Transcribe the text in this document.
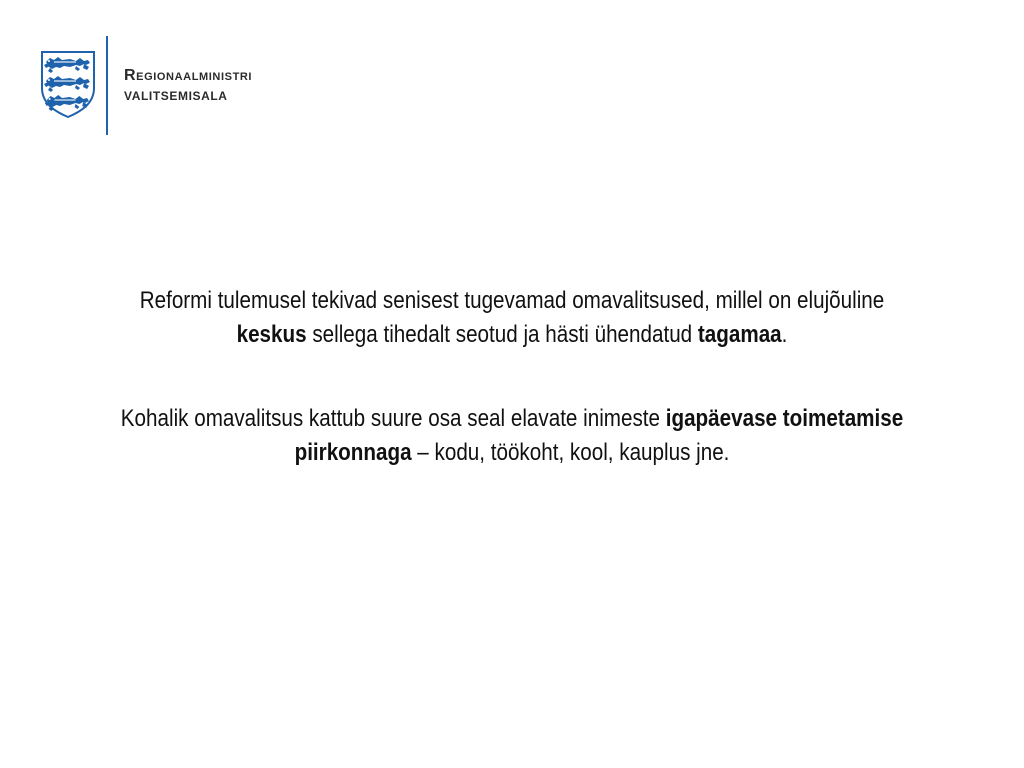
Regionaalministri
VALITSEMISALA

Reformi tulemusel tekivad senisest tugevamad omavalitsused, millel on elujõuline keskus sellega tihedalt seotud ja hästi ühendatud tagamaa.

Kohalik omavalitsus kattub suure osa seal elavate inimeste igapäevase toimetamise piirkonnaga – kodu, töökoht, kool, kauplus jne.
